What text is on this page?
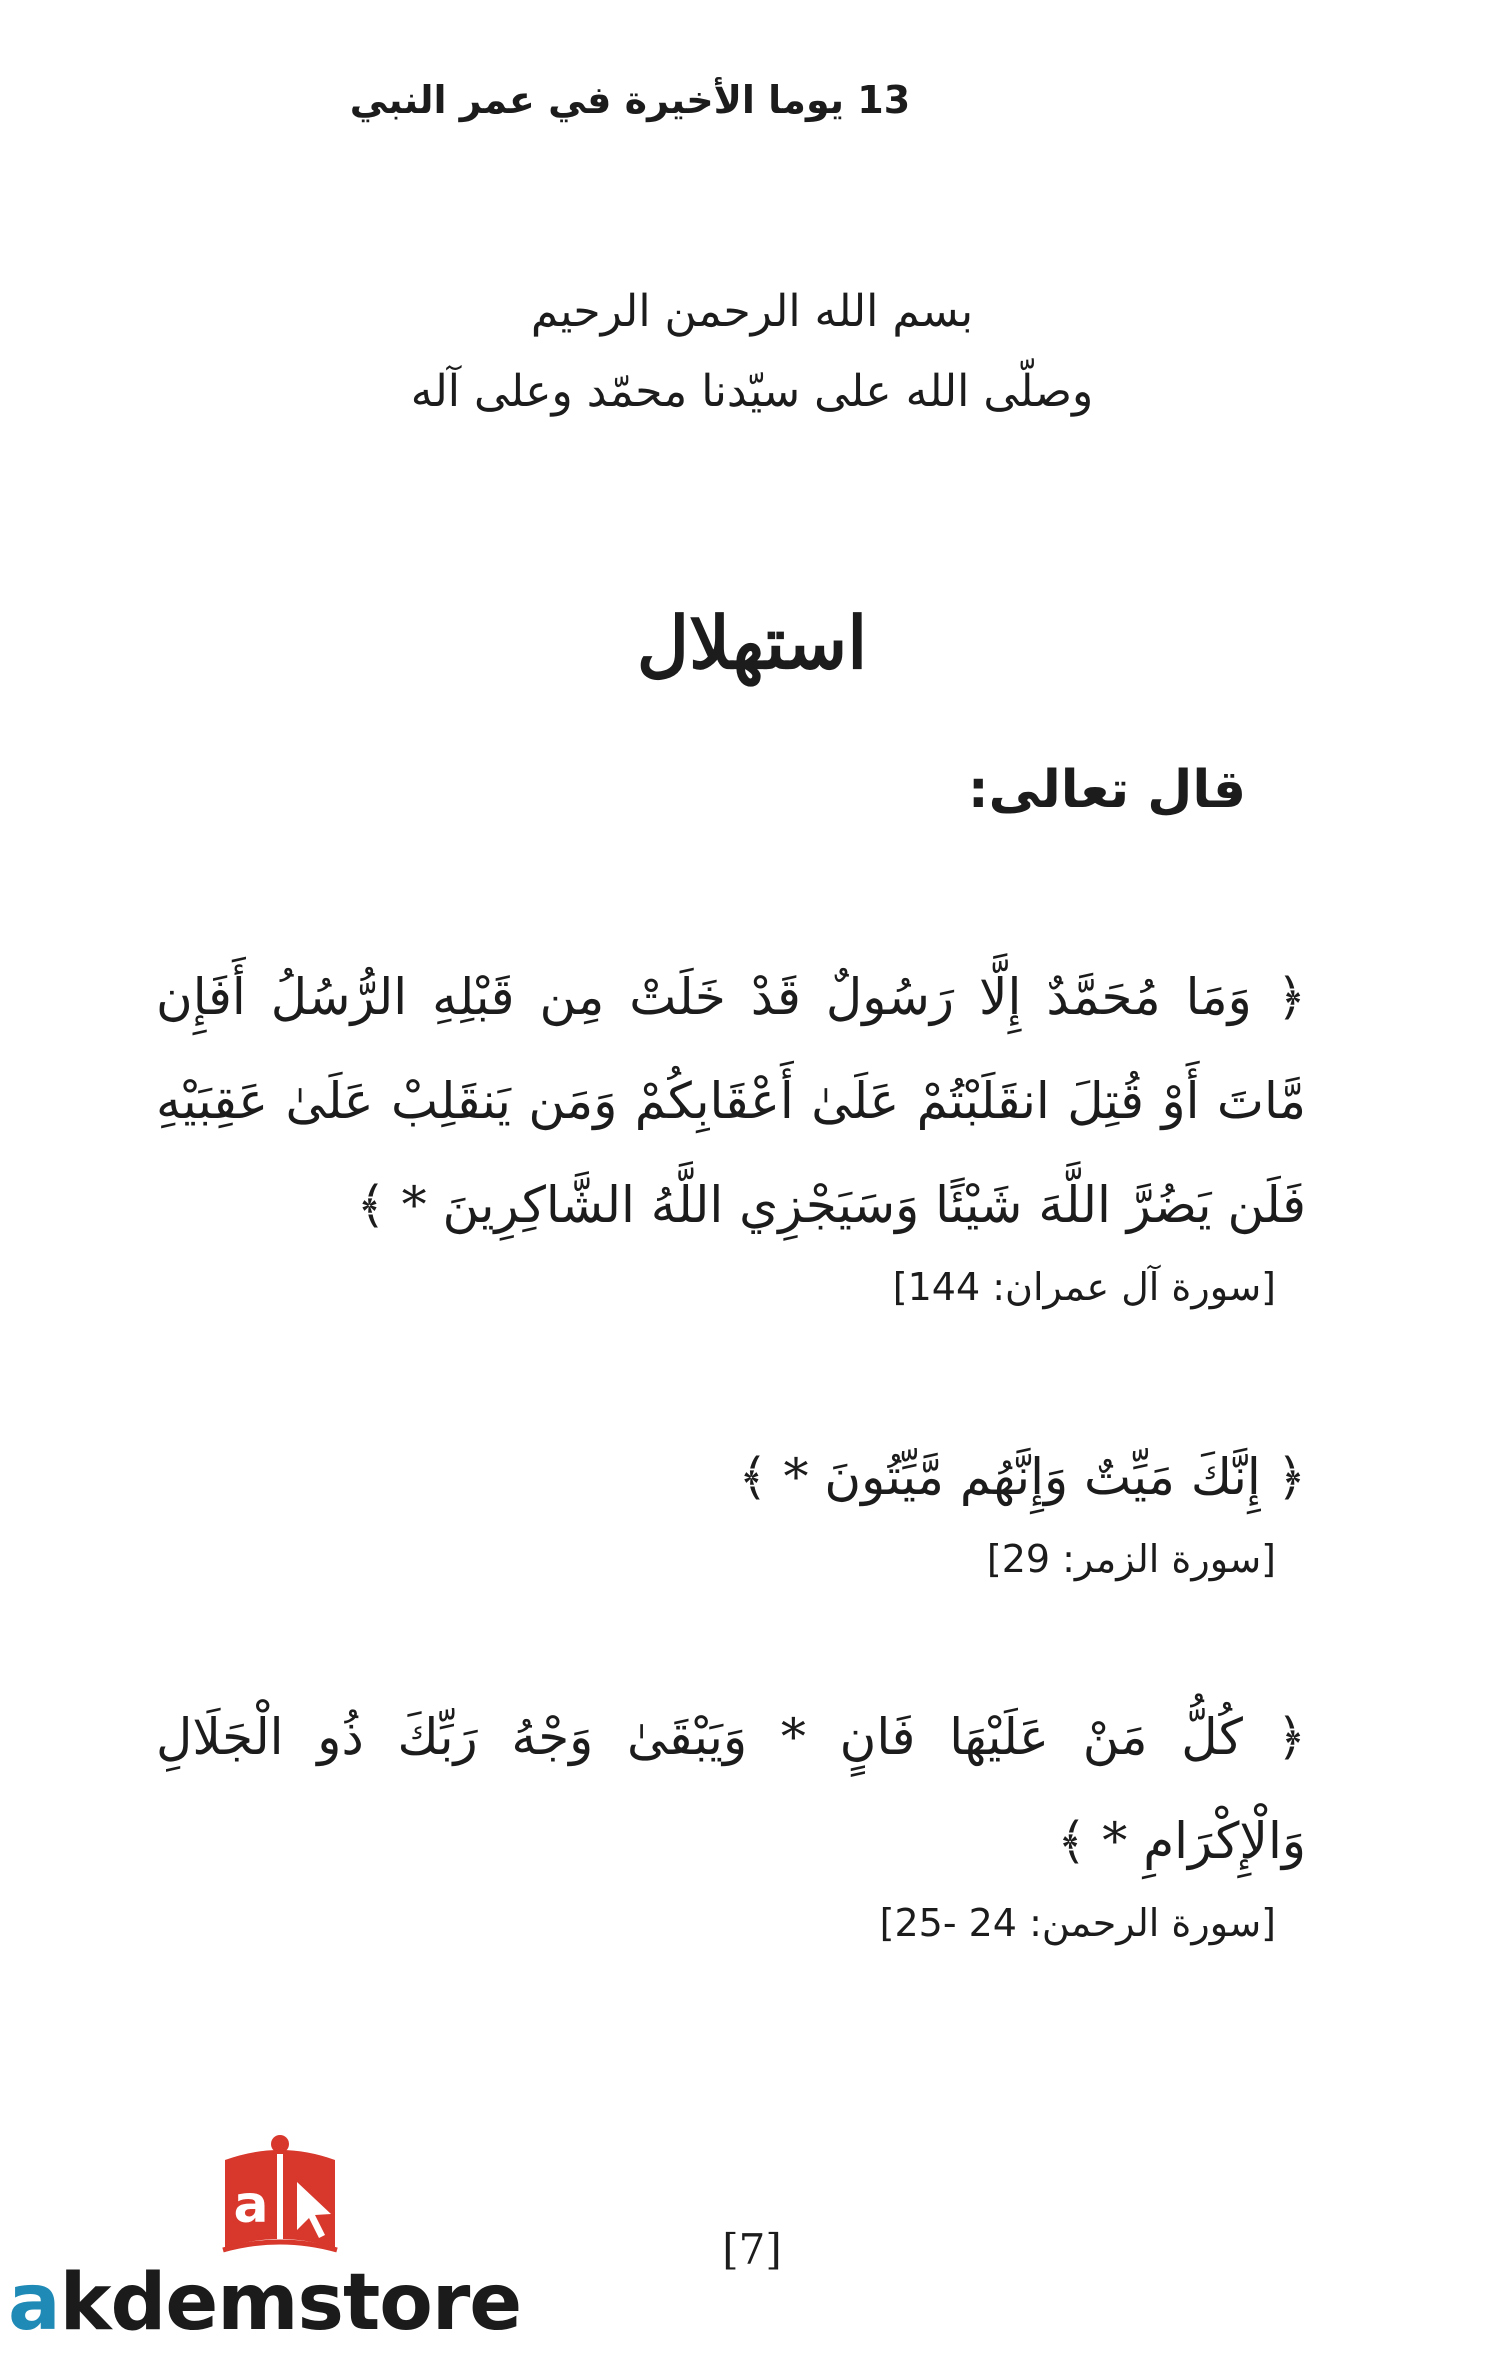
13 يوما الأخيرة في عمر النبي
بسم الله الرحمن الرحيم
وصلّى الله على سيّدنا محمّد وعلى آله
استهلال
قال تعالى:
﴿ وَمَا مُحَمَّدٌ إِلَّا رَسُولٌ قَدْ خَلَتْ مِن قَبْلِهِ الرُّسُلُ أَفَإِن مَّاتَ أَوْ قُتِلَ انقَلَبْتُمْ عَلَىٰ أَعْقَابِكُمْ وَمَن يَنقَلِبْ عَلَىٰ عَقِبَيْهِ فَلَن يَضُرَّ اللَّهَ شَيْئًا وَسَيَجْزِي اللَّهُ الشَّاكِرِينَ * ﴾
[سورة آل عمران: 144]
﴿ إِنَّكَ مَيِّتٌ وَإِنَّهُم مَّيِّتُونَ * ﴾
[سورة الزمر: 29]
﴿ كُلُّ مَنْ عَلَيْهَا فَانٍ * وَيَبْقَىٰ وَجْهُ رَبِّكَ ذُو الْجَلَالِ وَالْإِكْرَامِ * ﴾
[سورة الرحمن: 24 -25]
[7]
a
akdemstore
